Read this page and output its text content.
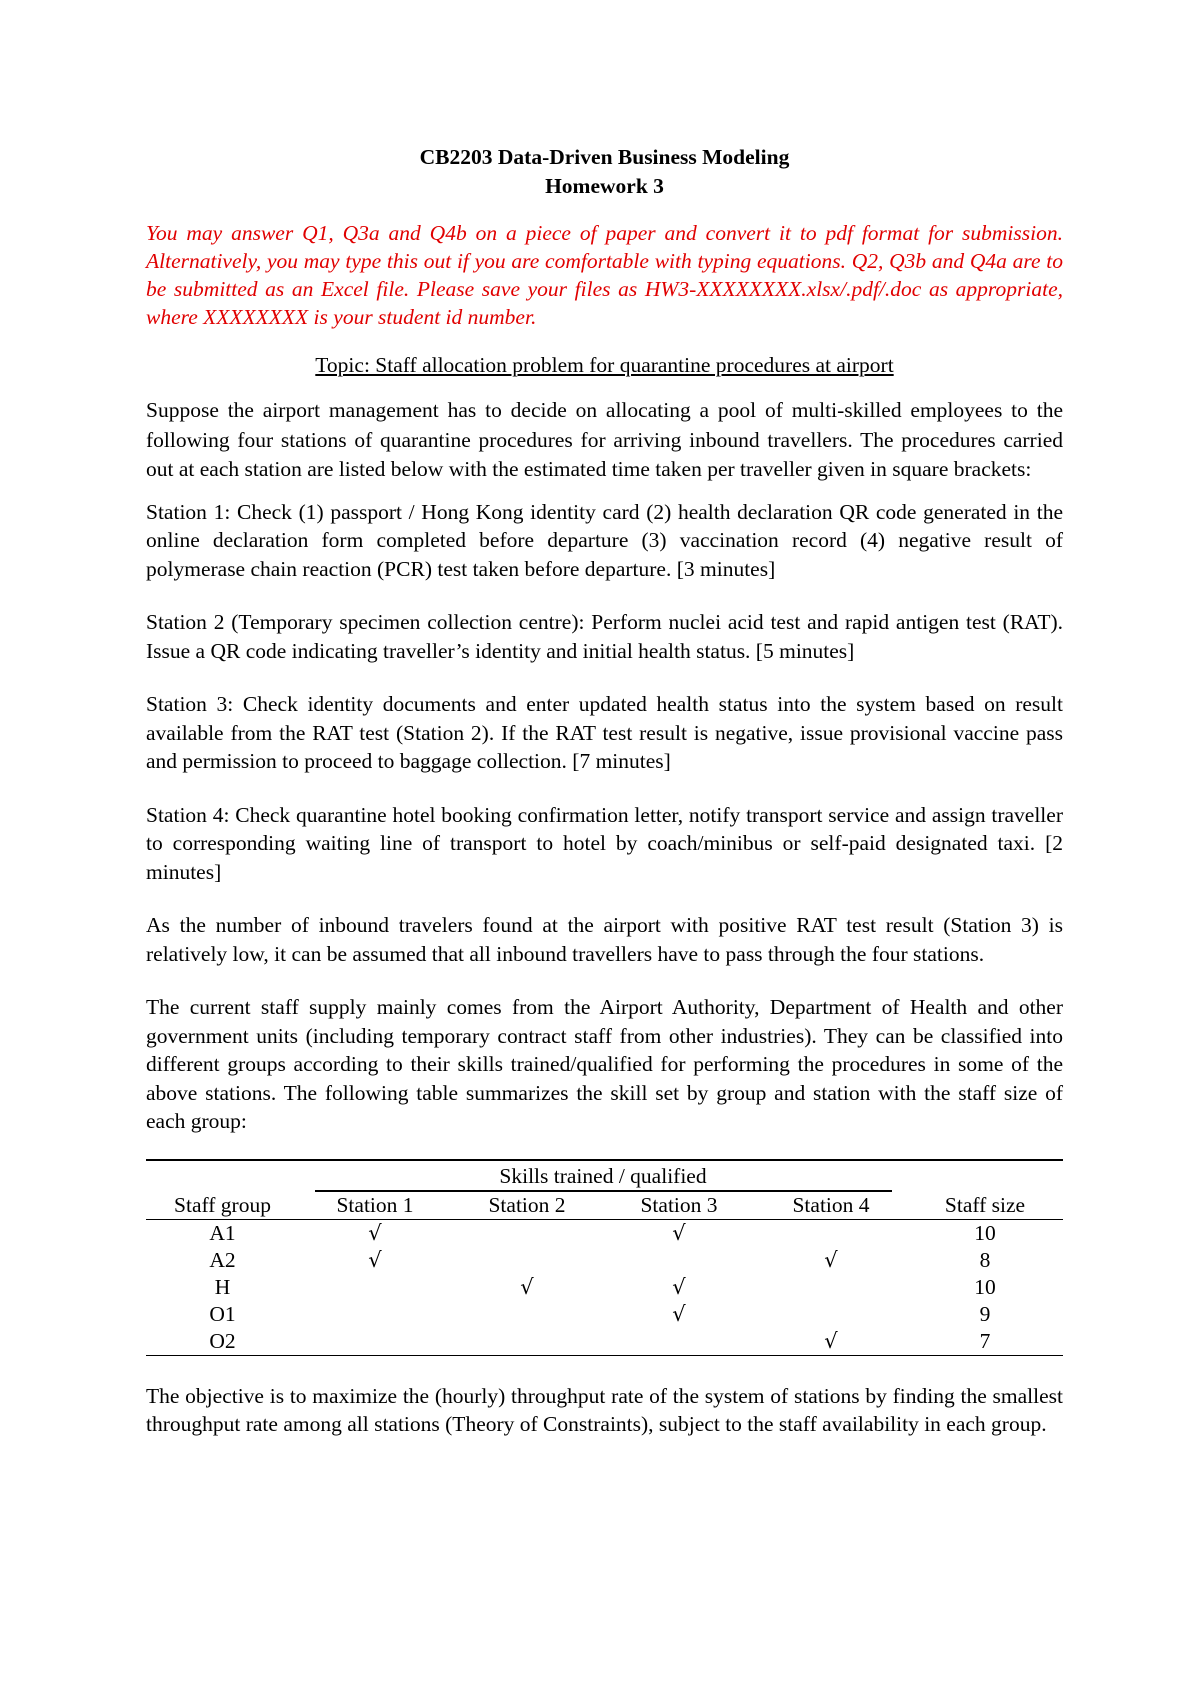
CB2203 Data-Driven Business Modeling

Homework 3

You may answer Q1, Q3a and Q4b on a piece of paper and convert it to pdf format for submission. Alternatively, you may type this out if you are comfortable with typing equations. Q2, Q3b and Q4a are to be submitted as an Excel file. Please save your files as HW3-XXXXXXXX.xlsx/.pdf/.doc as appropriate, where XXXXXXXX is your student id number.

Topic: Staff allocation problem for quarantine procedures at airport

Suppose the airport management has to decide on allocating a pool of multi-skilled employees to the following four stations of quarantine procedures for arriving inbound travellers. The procedures carried out at each station are listed below with the estimated time taken per traveller given in square brackets:

Station 1: Check (1) passport / Hong Kong identity card (2) health declaration QR code generated in the online declaration form completed before departure (3) vaccination record (4) negative result of polymerase chain reaction (PCR) test taken before departure. [3 minutes]

Station 2 (Temporary specimen collection centre): Perform nuclei acid test and rapid antigen test (RAT). Issue a QR code indicating traveller’s identity and initial health status. [5 minutes]

Station 3: Check identity documents and enter updated health status into the system based on result available from the RAT test (Station 2). If the RAT test result is negative, issue provisional vaccine pass and permission to proceed to baggage collection. [7 minutes]

Station 4: Check quarantine hotel booking confirmation letter, notify transport service and assign traveller to corresponding waiting line of transport to hotel by coach/minibus or self-paid designated taxi. [2 minutes]

As the number of inbound travelers found at the airport with positive RAT test result (Station 3) is relatively low, it can be assumed that all inbound travellers have to pass through the four stations.

The current staff supply mainly comes from the Airport Authority, Department of Health and other government units (including temporary contract staff from other industries). They can be classified into different groups according to their skills trained/qualified for performing the procedures in some of the above stations. The following table summarizes the skill set by group and station with the staff size of each group:

	Skills trained / qualified				
Staff group	Station 1	Station 2	Station 3	Station 4	Staff size
A1	√		√		10
A2	√			√	8
H		√	√		10
O1			√		9
O2				√	7

The objective is to maximize the (hourly) throughput rate of the system of stations by finding the smallest throughput rate among all stations (Theory of Constraints), subject to the staff availability in each group.
